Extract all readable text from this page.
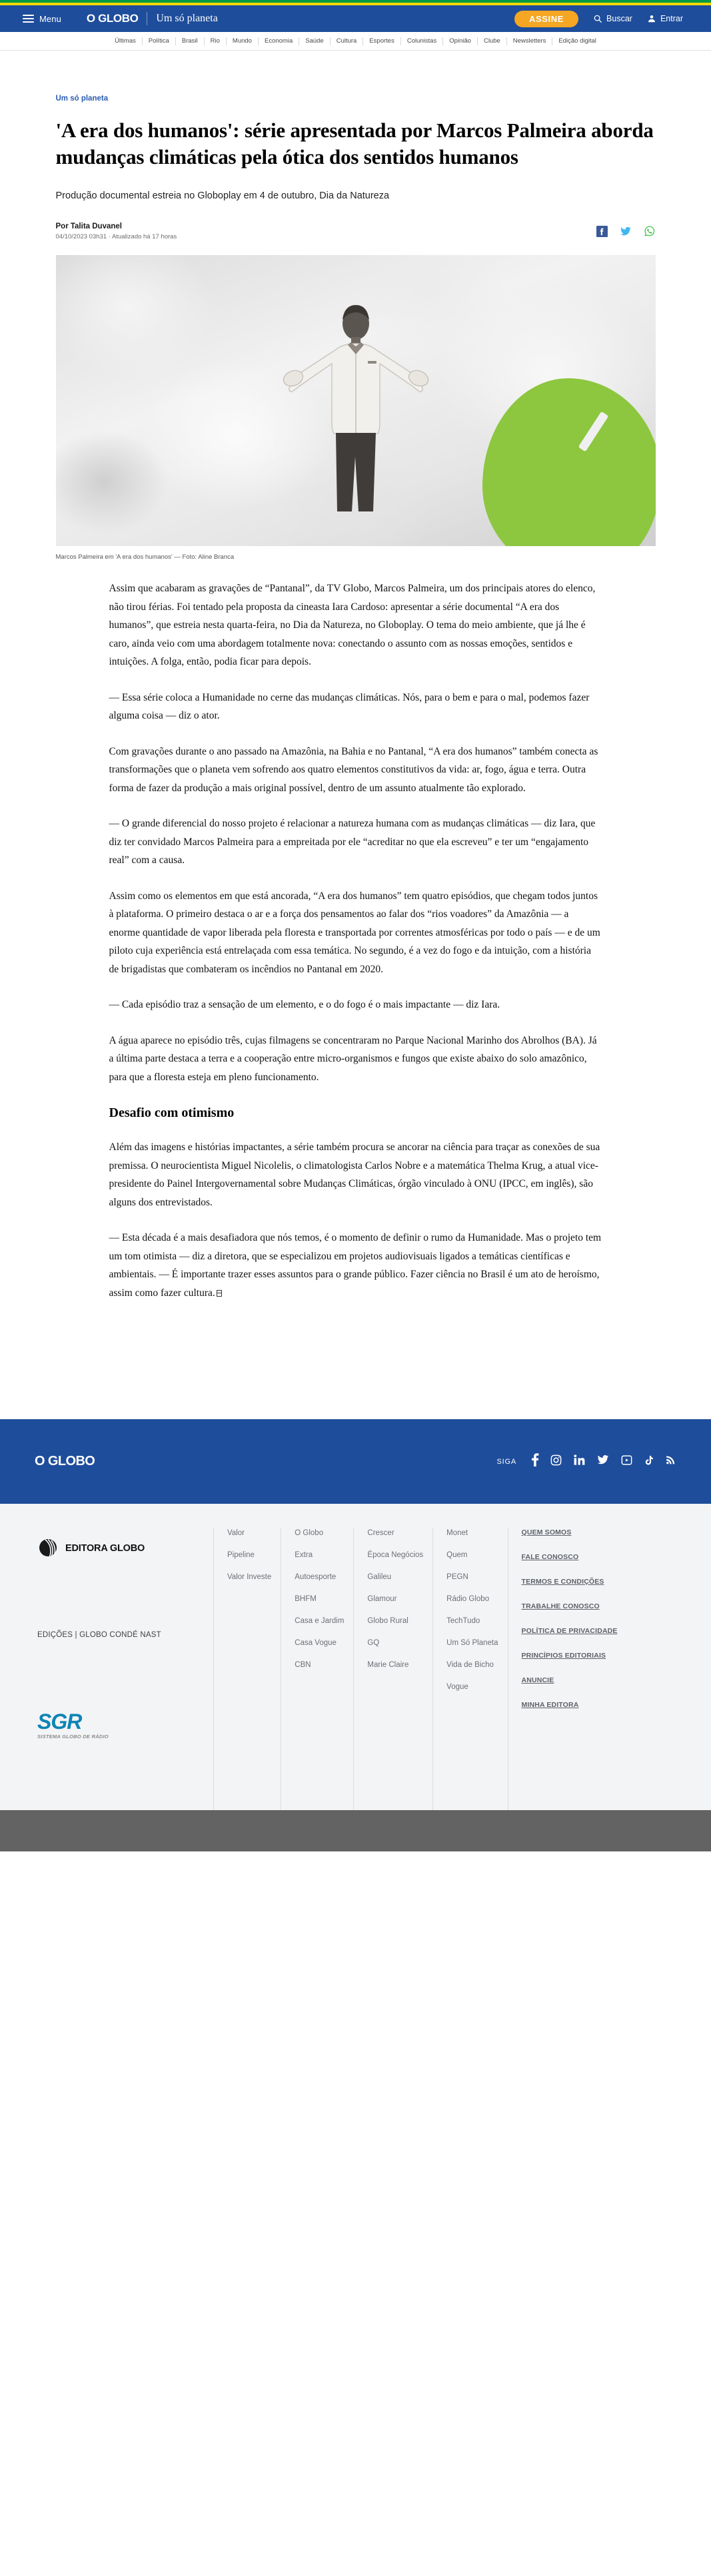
Menu O GLOBO Um só planeta	ASSINE	Buscar	Entrar
Últimas	Política	Brasil	Rio	Mundo	Economia	Saúde	Cultura	Esportes	Colunistas	Opinião	Clube	Newsletters	Edição digital
Um só planeta
'A era dos humanos': série apresentada por Marcos Palmeira aborda mudanças climáticas pela ótica dos sentidos humanos

Produção documental estreia no Globoplay em 4 de outubro, Dia da Natureza

Por Talita Duvanel
04/10/2023 03h31 · Atualizado há 17 horas
Marcos Palmeira em 'A era dos humanos' — Foto: Aline Branca

Assim que acabaram as gravações de “Pantanal”, da TV Globo, Marcos Palmeira, um dos principais atores do elenco, não tirou férias. Foi tentado pela proposta da cineasta Iara Cardoso: apresentar a série documental “A era dos humanos”, que estreia nesta quarta-feira, no Dia da Natureza, no Globoplay. O tema do meio ambiente, que já lhe é caro, ainda veio com uma abordagem totalmente nova: conectando o assunto com as nossas emoções, sentidos e intuições. A folga, então, podia ficar para depois.

— Essa série coloca a Humanidade no cerne das mudanças climáticas. Nós, para o bem e para o mal, podemos fazer alguma coisa — diz o ator.

Com gravações durante o ano passado na Amazônia, na Bahia e no Pantanal, “A era dos humanos” também conecta as transformações que o planeta vem sofrendo aos quatro elementos constitutivos da vida: ar, fogo, água e terra. Outra forma de fazer da produção a mais original possível, dentro de um assunto atualmente tão explorado.

— O grande diferencial do nosso projeto é relacionar a natureza humana com as mudanças climáticas — diz Iara, que diz ter convidado Marcos Palmeira para a empreitada por ele “acreditar no que ela escreveu” e ter um “engajamento real” com a causa.

Assim como os elementos em que está ancorada, “A era dos humanos” tem quatro episódios, que chegam todos juntos à plataforma. O primeiro destaca o ar e a força dos pensamentos ao falar dos “rios voadores” da Amazônia — a enorme quantidade de vapor liberada pela floresta e transportada por correntes atmosféricas por todo o país — e de um piloto cuja experiência está entrelaçada com essa temática. No segundo, é a vez do fogo e da intuição, com a história de brigadistas que combateram os incêndios no Pantanal em 2020.

— Cada episódio traz a sensação de um elemento, e o do fogo é o mais impactante — diz Iara.

A água aparece no episódio três, cujas filmagens se concentraram no Parque Nacional Marinho dos Abrolhos (BA). Já a última parte destaca a terra e a cooperação entre micro-organismos e fungos que existe abaixo do solo amazônico, para que a floresta esteja em pleno funcionamento.

Desafio com otimismo

Além das imagens e histórias impactantes, a série também procura se ancorar na ciência para traçar as conexões de sua premissa. O neurocientista Miguel Nicolelis, o climatologista Carlos Nobre e a matemática Thelma Krug, a atual vice-presidente do Painel Intergovernamental sobre Mudanças Climáticas, órgão vinculado à ONU (IPCC, em inglês), são alguns dos entrevistados.

— Esta década é a mais desafiadora que nós temos, é o momento de definir o rumo da Humanidade. Mas o projeto tem um tom otimista — diz a diretora, que se especializou em projetos audiovisuais ligados a temáticas científicas e ambientais. — É importante trazer esses assuntos para o grande público. Fazer ciência no Brasil é um ato de heroísmo, assim como fazer cultura.

O GLOBO	SIGA
EDITORA GLOBO
EDIÇÕES | GLOBO CONDÉ NAST
SGR
SISTEMA GLOBO DE RÁDIO
Valor
Pipeline
Valor Investe
O Globo
Extra
Autoesporte
BHFM
Casa e Jardim
Casa Vogue
CBN
Crescer
Época Negócios
Galileu
Glamour
Globo Rural
GQ
Marie Claire
Monet
Quem
PEGN
Rádio Globo
TechTudo
Um Só Planeta
Vida de Bicho
Vogue
QUEM SOMOS
FALE CONOSCO
TERMOS E CONDIÇÕES
TRABALHE CONOSCO
POLÍTICA DE PRIVACIDADE
PRINCÍPIOS EDITORIAIS
ANUNCIE
MINHA EDITORA
